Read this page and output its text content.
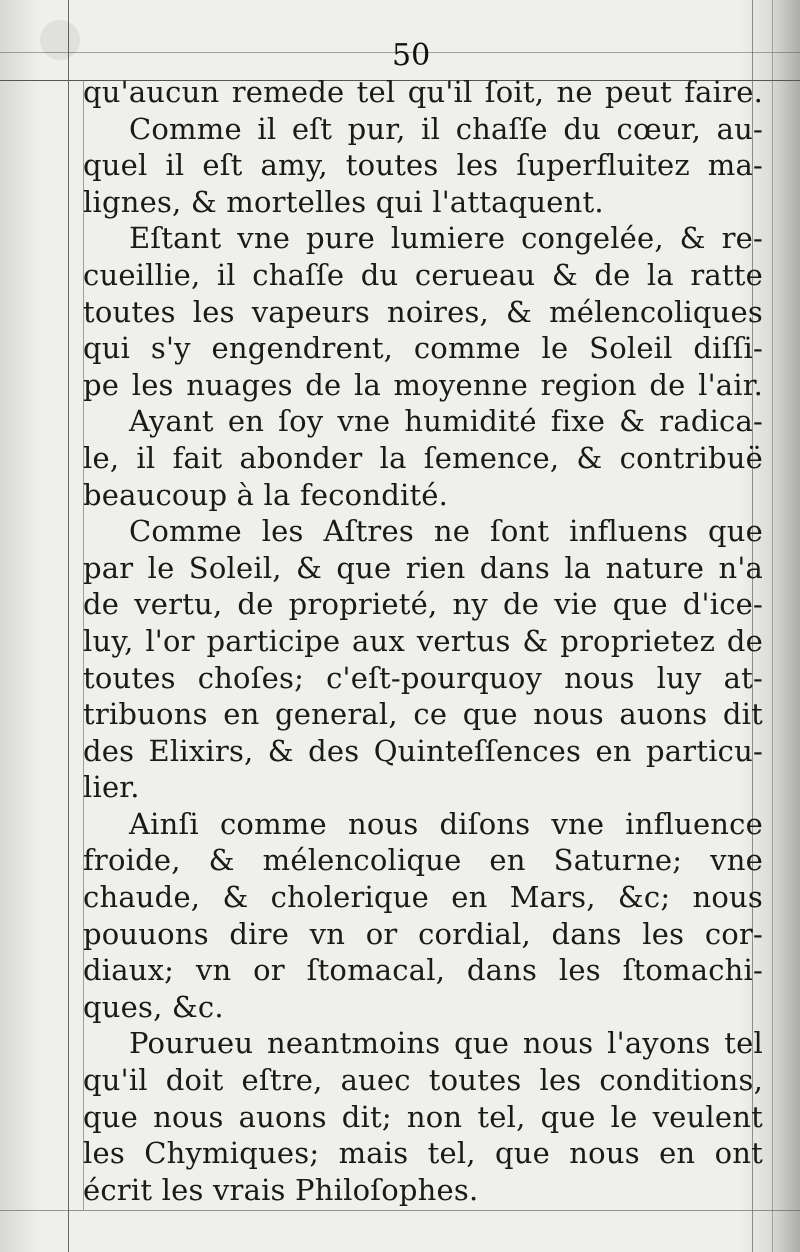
50
qu'aucun remede tel qu'il ſoit, ne peut faire.
Comme il eſt pur, il chaſſe du cœur, au-
quel il eſt amy, toutes les ſuperfluitez ma-
lignes, & mortelles qui l'attaquent.
Eſtant vne pure lumiere congelée, & re-
cueillie, il chaſſe du cerueau & de la ratte
toutes les vapeurs noires, & mélencoliques
qui s'y engendrent, comme le Soleil diſſi-
pe les nuages de la moyenne region de l'air.
Ayant en ſoy vne humidité fixe & radica-
le, il fait abonder la ſemence, & contribuë
beaucoup à la fecondité.
Comme les Aſtres ne ſont influens que
par le Soleil, & que rien dans la nature n'a
de vertu, de proprieté, ny de vie que d'ice-
luy, l'or participe aux vertus & proprietez de
toutes choſes; c'eſt-pourquoy nous luy at-
tribuons en general, ce que nous auons dit
des Elixirs, & des Quinteſſences en particu-
lier.
Ainſi comme nous diſons vne influence
froide, & mélencolique en Saturne; vne
chaude, & cholerique en Mars, &c; nous
pouuons dire vn or cordial, dans les cor-
diaux; vn or ſtomacal, dans les ſtomachi-
ques, &c.
Pourueu neantmoins que nous l'ayons tel
qu'il doit eſtre, auec toutes les conditions,
que nous auons dit; non tel, que le veulent
les Chymiques; mais tel, que nous en ont
écrit les vrais Philoſophes.
